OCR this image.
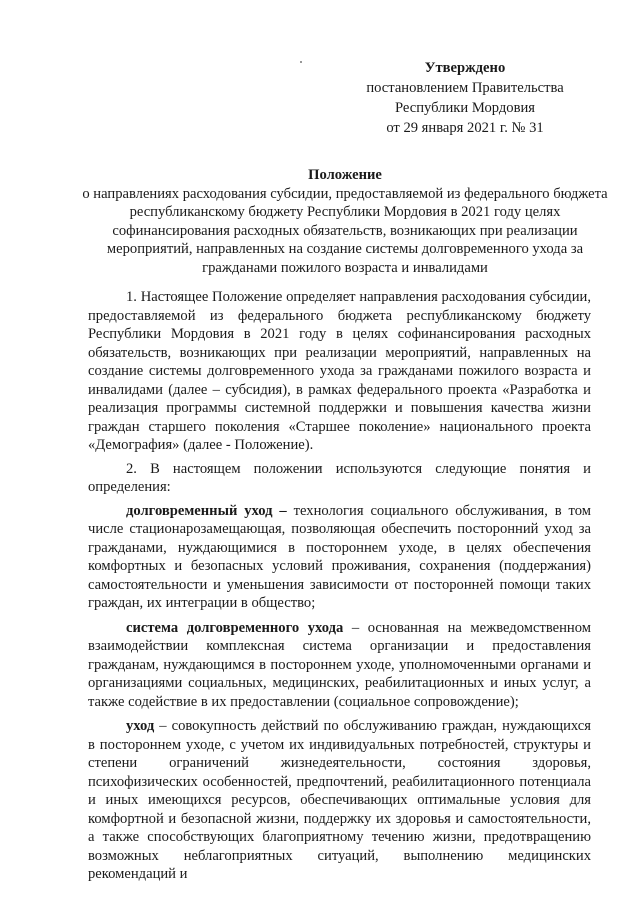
Утверждено
постановлением Правительства
Республики Мордовия
от 29 января 2021 г. № 31
Положение
о направлениях расходования субсидии, предоставляемой из федерального бюджета республиканскому бюджету Республики Мордовия в 2021 году целях софинансирования расходных обязательств, возникающих при реализации мероприятий, направленных на создание системы долговременного ухода за гражданами пожилого возраста и инвалидами

1. Настоящее Положение определяет направления расходования субсидии, предоставляемой из федерального бюджета республиканскому бюджету Республики Мордовия в 2021 году в целях софинансирования расходных обязательств, возникающих при реализации мероприятий, направленных на создание системы долговременного ухода за гражданами пожилого возраста и инвалидами (далее – субсидия), в рамках федерального проекта «Разработка и реализация программы системной поддержки и повышения качества жизни граждан старшего поколения «Старшее поколение» национального проекта «Демография» (далее - Положение).

2. В настоящем положении используются следующие понятия и определения:

долговременный уход – технология социального обслуживания, в том числе стационарозамещающая, позволяющая обеспечить посторонний уход за гражданами, нуждающимися в постороннем уходе, в целях обеспечения комфортных и безопасных условий проживания, сохранения (поддержания) самостоятельности и уменьшения зависимости от посторонней помощи таких граждан, их интеграции в общество;

система долговременного ухода – основанная на межведомственном взаимодействии комплексная система организации и предоставления гражданам, нуждающимся в постороннем уходе, уполномоченными органами и организациями социальных, медицинских, реабилитационных и иных услуг, а также содействие в их предоставлении (социальное сопровождение);

уход – совокупность действий по обслуживанию граждан, нуждающихся в постороннем уходе, с учетом их индивидуальных потребностей, структуры и степени ограничений жизнедеятельности, состояния здоровья, психофизических особенностей, предпочтений, реабилитационного потенциала и иных имеющихся ресурсов, обеспечивающих оптимальные условия для комфортной и безопасной жизни, поддержку их здоровья и самостоятельности, а также способствующих благоприятному течению жизни, предотвращению возможных неблагоприятных ситуаций, выполнению медицинских рекомендаций и
